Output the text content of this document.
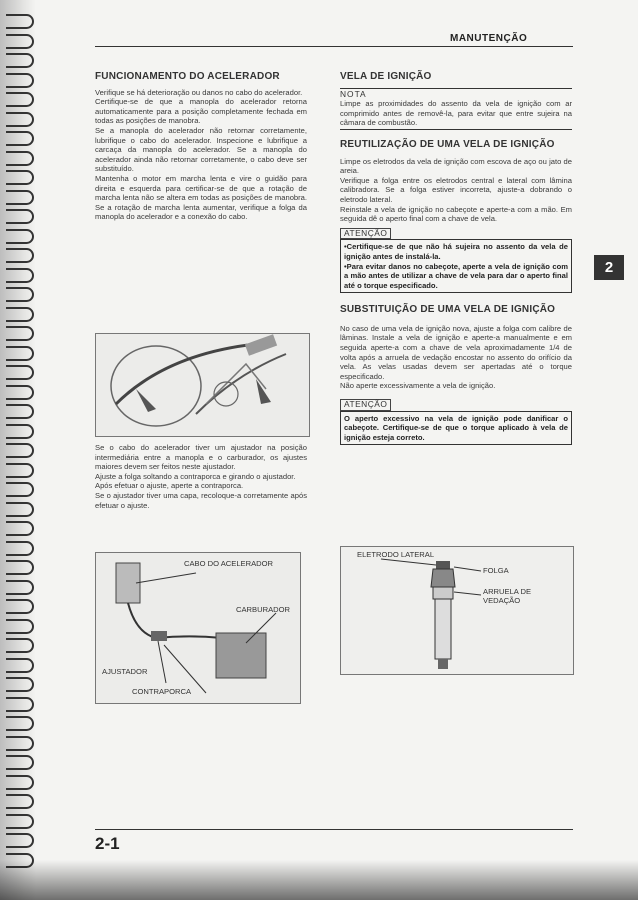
MANUTENÇÃO
FUNCIONAMENTO DO ACELERADOR

Verifique se há deterioração ou danos no cabo do acelerador.

Certifique-se de que a manopla do acelerador retorna automaticamente para a posição completamente fechada em todas as posições de manobra.

Se a manopla do acelerador não retornar corretamente, lubrifique o cabo do acelerador. Inspecione e lubrifique a carcaça da manopla do acelerador. Se a manopla do acelerador ainda não retornar corretamente, o cabo deve ser substituído.

Mantenha o motor em marcha lenta e vire o guidão para direita e esquerda para certificar-se de que a rotação de marcha lenta não se altera em todas as posições de manobra. Se a rotação de marcha lenta aumentar, verifique a folga da manopla do acelerador e a conexão do cabo.

Se o cabo do acelerador tiver um ajustador na posição intermediária entre a manopla e o carburador, os ajustes maiores devem ser feitos neste ajustador.

Ajuste a folga soltando a contraporca e girando o ajustador.

Após efetuar o ajuste, aperte a contraporca.

Se o ajustador tiver uma capa, recoloque-a corretamente após efetuar o ajuste.

CABO DO ACELERADOR
CARBURADOR
AJUSTADOR
CONTRAPORCA
VELA DE IGNIÇÃO
NOTA

Limpe as proximidades do assento da vela de ignição com ar comprimido antes de removê-la, para evitar que entre sujeira na câmara de combustão.

REUTILIZAÇÃO DE UMA VELA DE IGNIÇÃO

Limpe os eletrodos da vela de ignição com escova de aço ou jato de areia.

Verifique a folga entre os eletrodos central e lateral com lâmina calibradora. Se a folga estiver incorreta, ajuste-a dobrando o eletrodo lateral.

Reinstale a vela de ignição no cabeçote e aperte-a com a mão. Em seguida dê o aperto final com a chave de vela.

ATENÇÃO

•Certifique-se de que não há sujeira no assento da vela de ignição antes de instalá-la.

•Para evitar danos no cabeçote, aperte a vela de ignição com a mão antes de utilizar a chave de vela para dar o aperto final até o torque especificado.

SUBSTITUIÇÃO DE UMA VELA DE IGNIÇÃO

No caso de uma vela de ignição nova, ajuste a folga com calibre de lâminas. Instale a vela de ignição e aperte-a manualmente e em seguida aperte-a com a chave de vela aproximadamente 1/4 de volta após a arruela de vedação encostar no assento do orifício da vela. As velas usadas devem ser apertadas até o torque especificado.

Não aperte excessivamente a vela de ignição.

ATENÇÃO

O aperto excessivo na vela de ignição pode danificar o cabeçote. Certifique-se de que o torque aplicado à vela de ignição esteja correto.

ELETRODO LATERAL
FOLGA
ARRUELA DE VEDAÇÃO
2
2-1
